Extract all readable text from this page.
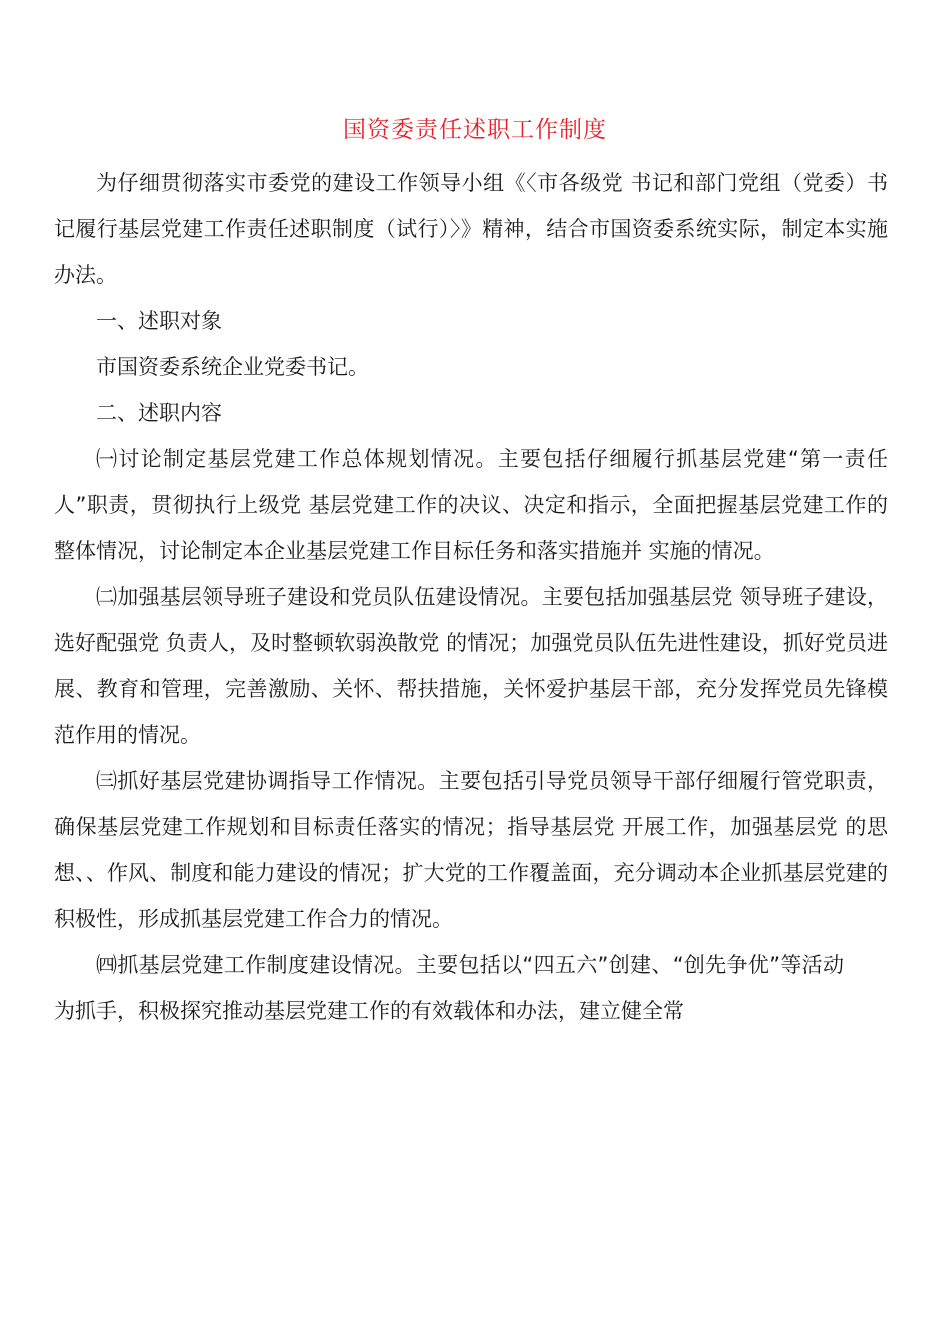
国资委责任述职工作制度

为仔细贯彻落实市委党的建设工作领导小组《〈市各级党 书记和部门党组（党委）书记履行基层党建工作责任述职制度（试行）〉》精神，结合市国资委系统实际，制定本实施办法。

一、述职对象

市国资委系统企业党委书记。

二、述职内容

㈠讨论制定基层党建工作总体规划情况。主要包括仔细履行抓基层党建“第一责任人”职责，贯彻执行上级党 基层党建工作的决议、决定和指示，全面把握基层党建工作的整体情况，讨论制定本企业基层党建工作目标任务和落实措施并 实施的情况。

㈡加强基层领导班子建设和党员队伍建设情况。主要包括加强基层党 领导班子建设，选好配强党 负责人，及时整顿软弱涣散党 的情况；加强党员队伍先进性建设，抓好党员进展、教育和管理，完善激励、关怀、帮扶措施，关怀爱护基层干部，充分发挥党员先锋模范作用的情况。

㈢抓好基层党建协调指导工作情况。主要包括引导党员领导干部仔细履行管党职责，确保基层党建工作规划和目标责任落实的情况；指导基层党 开展工作，加强基层党 的思想、、作风、制度和能力建设的情况；扩大党的工作覆盖面，充分调动本企业抓基层党建的积极性，形成抓基层党建工作合力的情况。

㈣抓基层党建工作制度建设情况。主要包括以“四五六”创建、“创先争优”等活动为抓手，积极探究推动基层党建工作的有效载体和办法，建立健全常
